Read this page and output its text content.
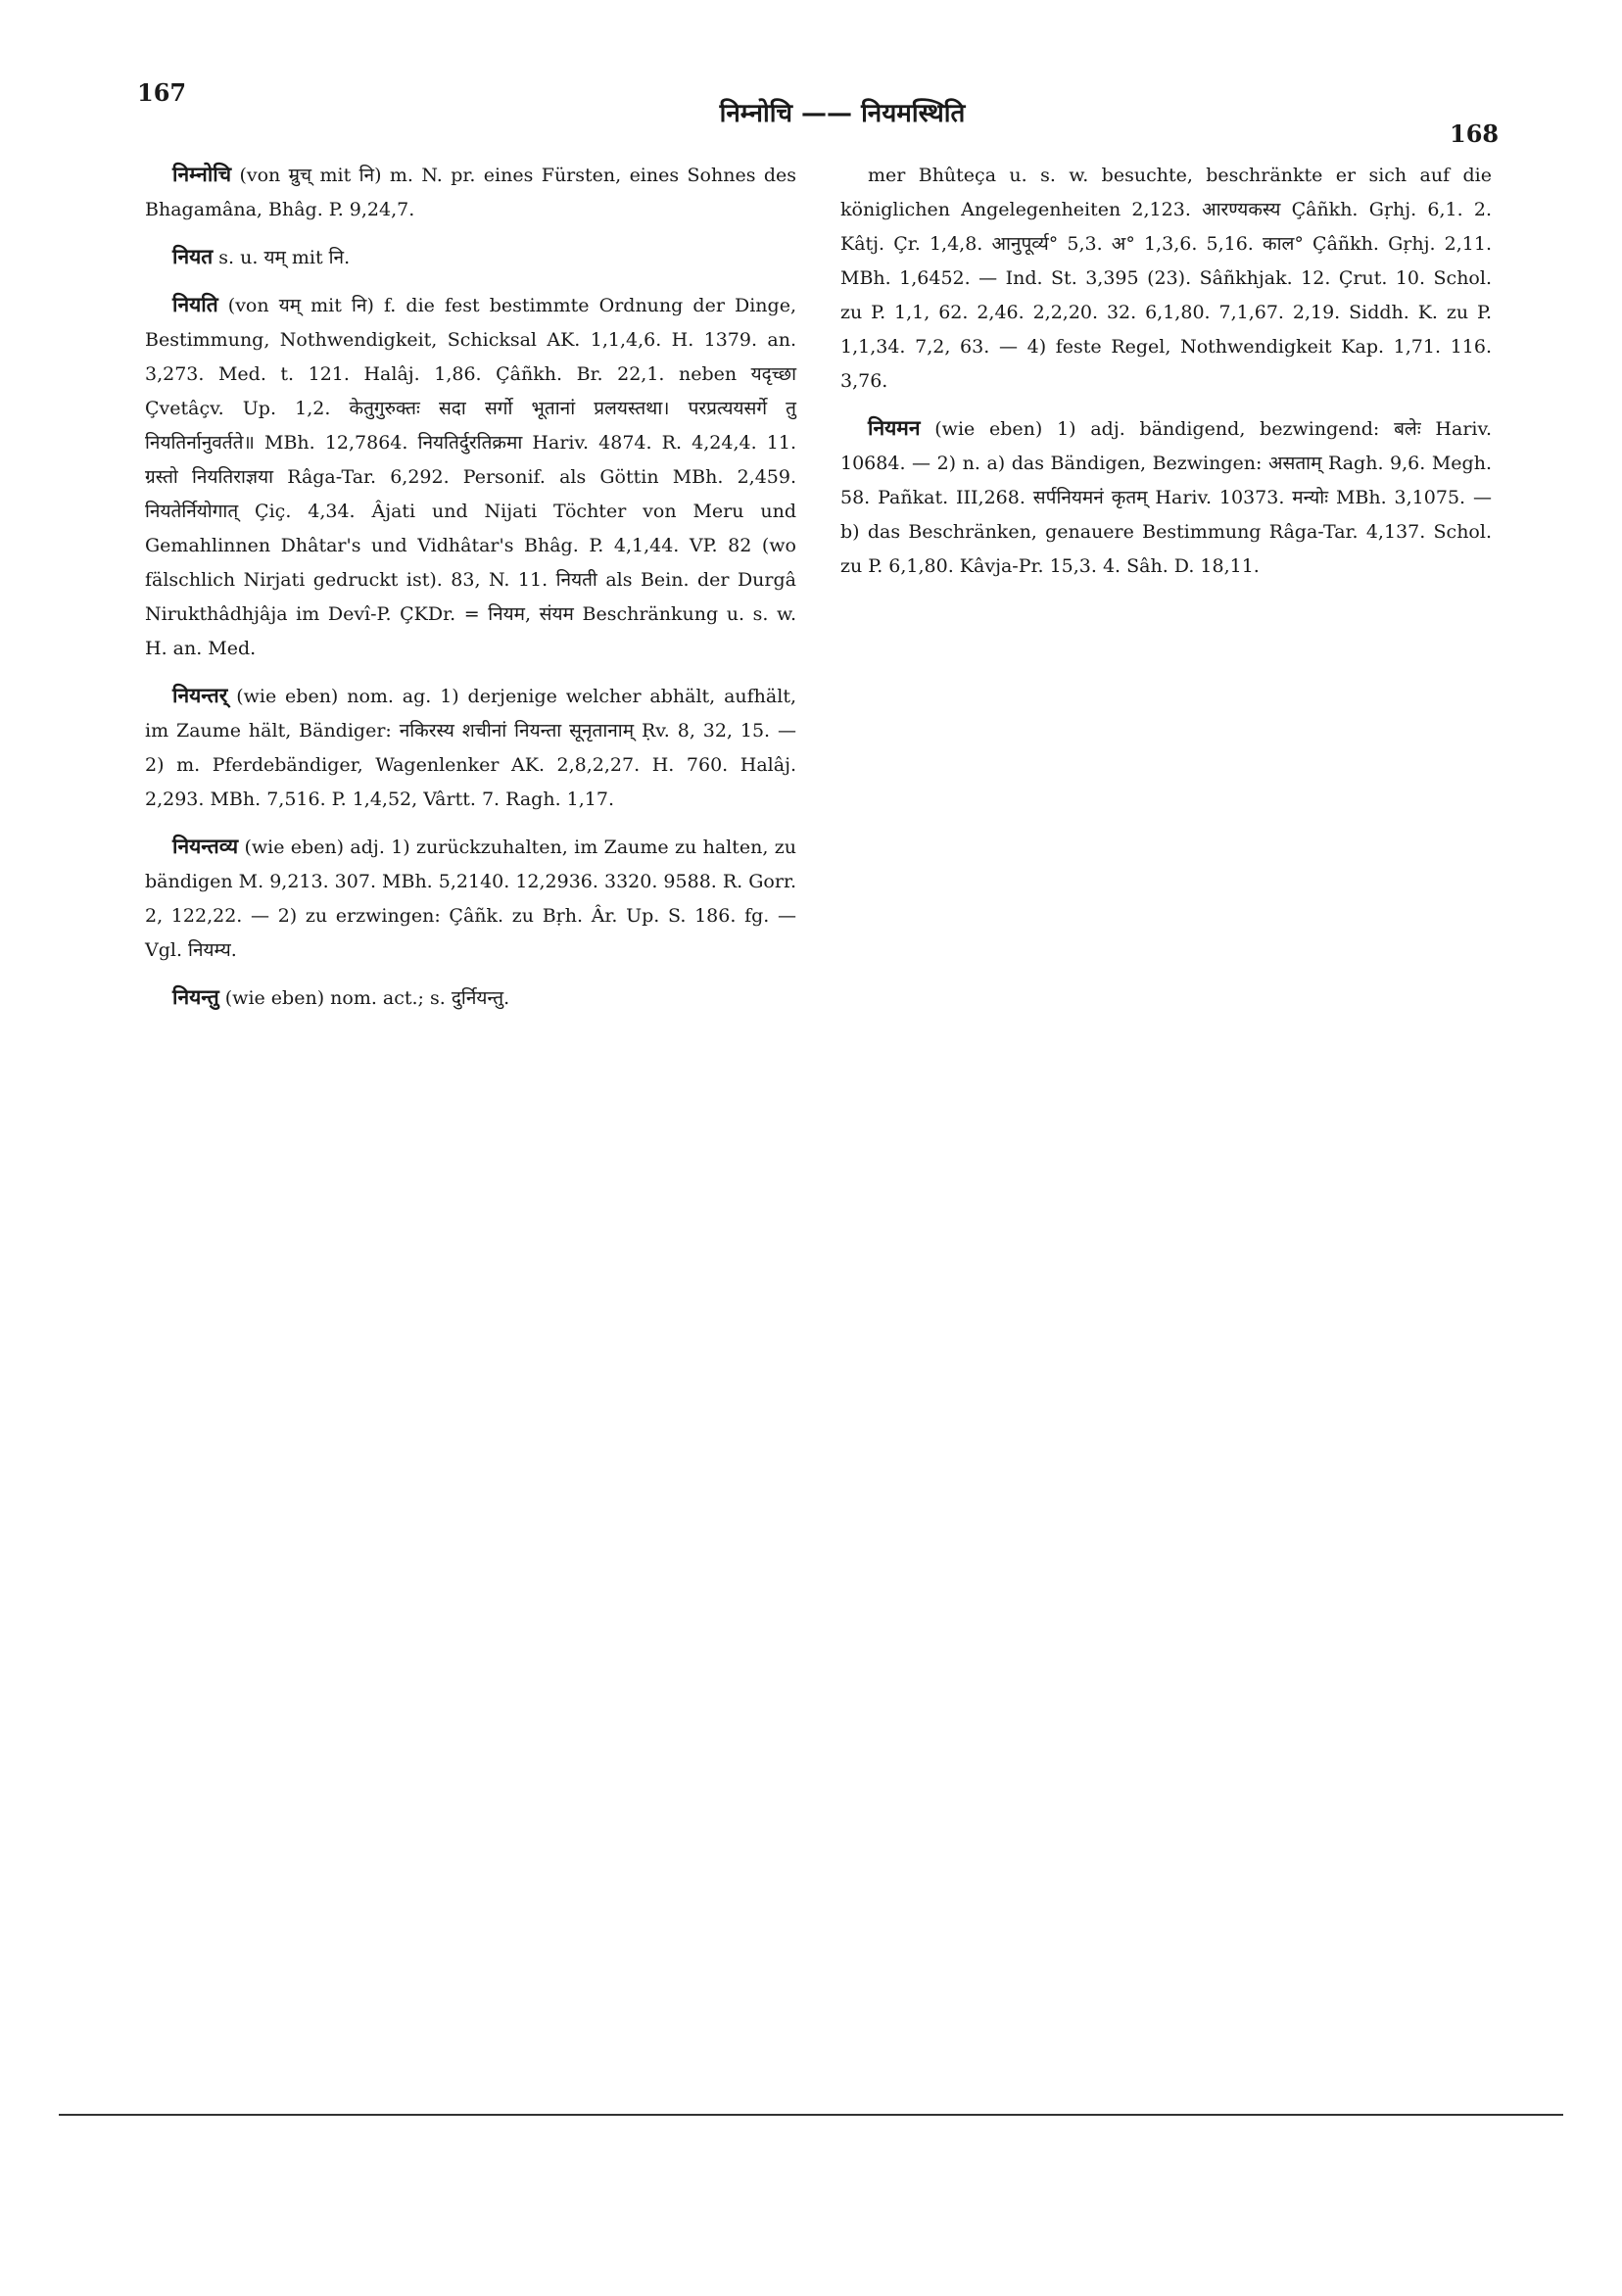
167
निम्नोचि —— नियमस्थिति
168
निम्नोचि (von म्रुच् mit नि) m. N. pr. eines Fürsten, eines Sohnes des Bhagamâna, Bhâg. P. 9,24,7.
नियत s. u. यम् mit नि.
नियति (von यम् mit नि) f. die fest bestimmte Ordnung der Dinge, Bestimmung, Nothwendigkeit, Schicksal AK. 1,1,4,6. H. 1379. an. 3,273. Med. t. 121. Halâj. 1,86. Çâñkh. Br. 22,1. neben यदृच्छा Çvetâçv. Up. 1,2. केतुगुरुक्तः सदा सर्गो भूतानां प्रलयस्तथा। परप्रत्ययसर्गे तु नियतिर्नानुवर्तते॥ MBh. 12,7864. नियतिर्दुरतिक्रमा Hariv. 4874. R. 4,24,4. 11. ग्रस्तो नियतिराज्ञया Râga-Tar. 6,292. Personif. als Göttin MBh. 2,459. नियतेर्नियोगात् Çiç. 4,34. Âjati und Nijati Töchter von Meru und Gemahlinnen Dhâtar's und Vidhâtar's Bhâg. P. 4,1,44. VP. 82 (wo fälschlich Nirjati gedruckt ist). 83, N. 11. नियती als Bein. der Durgâ Nirukthâdhjâja im Devî-P. ÇKDr. = नियम, संयम Beschränkung u. s. w. H. an. Med.
नियन्तर् (wie eben) nom. ag. 1) derjenige welcher abhält, aufhält, im Zaume hält, Bändiger: नकिरस्य शचीनां नियन्ता सूनृतानाम् Ṛv. 8, 32, 15. — 2) m. Pferdebändiger, Wagenlenker AK. 2,8,2,27. H. 760. Halâj. 2,293. MBh. 7,516. P. 1,4,52, Vârtt. 7. Ragh. 1,17.
नियन्तव्य (wie eben) adj. 1) zurückzuhalten, im Zaume zu halten, zu bändigen M. 9,213. 307. MBh. 5,2140. 12,2936. 3320. 9588. R. Gorr. 2, 122,22. — 2) zu erzwingen: Çâñk. zu Bṛh. Âr. Up. S. 186. fg. — Vgl. नियम्य.
नियन्तु (wie eben) nom. act.; s. दुर्नियन्तु.
mer Bhûteça u. s. w. besuchte, beschränkte er sich auf die königlichen Angelegenheiten 2,123. आरण्यकस्य Çâñkh. Gṛhj. 6,1. 2. Kâtj. Çr. 1,4,8. आनुपूर्व्य° 5,3. अ° 1,3,6. 5,16. काल° Çâñkh. Gṛhj. 2,11. MBh. 1,6452. — Ind. St. 3,395 (23). Sâñkhjak. 12. Çrut. 10. Schol. zu P. 1,1, 62. 2,46. 2,2,20. 32. 6,1,80. 7,1,67. 2,19. Siddh. K. zu P. 1,1,34. 7,2, 63. — 4) feste Regel, Nothwendigkeit Kap. 1,71. 116. 3,76.
नियमन (wie eben) 1) adj. bändigend, bezwingend: बलेः Hariv. 10684. — 2) n. a) das Bändigen, Bezwingen: असताम् Ragh. 9,6. Megh. 58. Pañkat. III,268. सर्पनियमनं कृतम् Hariv. 10373. मन्योः MBh. 3,1075. — b) das Beschränken, genauere Bestimmung Râga-Tar. 4,137. Schol. zu P. 6,1,80. Kâvja-Pr. 15,3. 4. Sâh. D. 18,11.
